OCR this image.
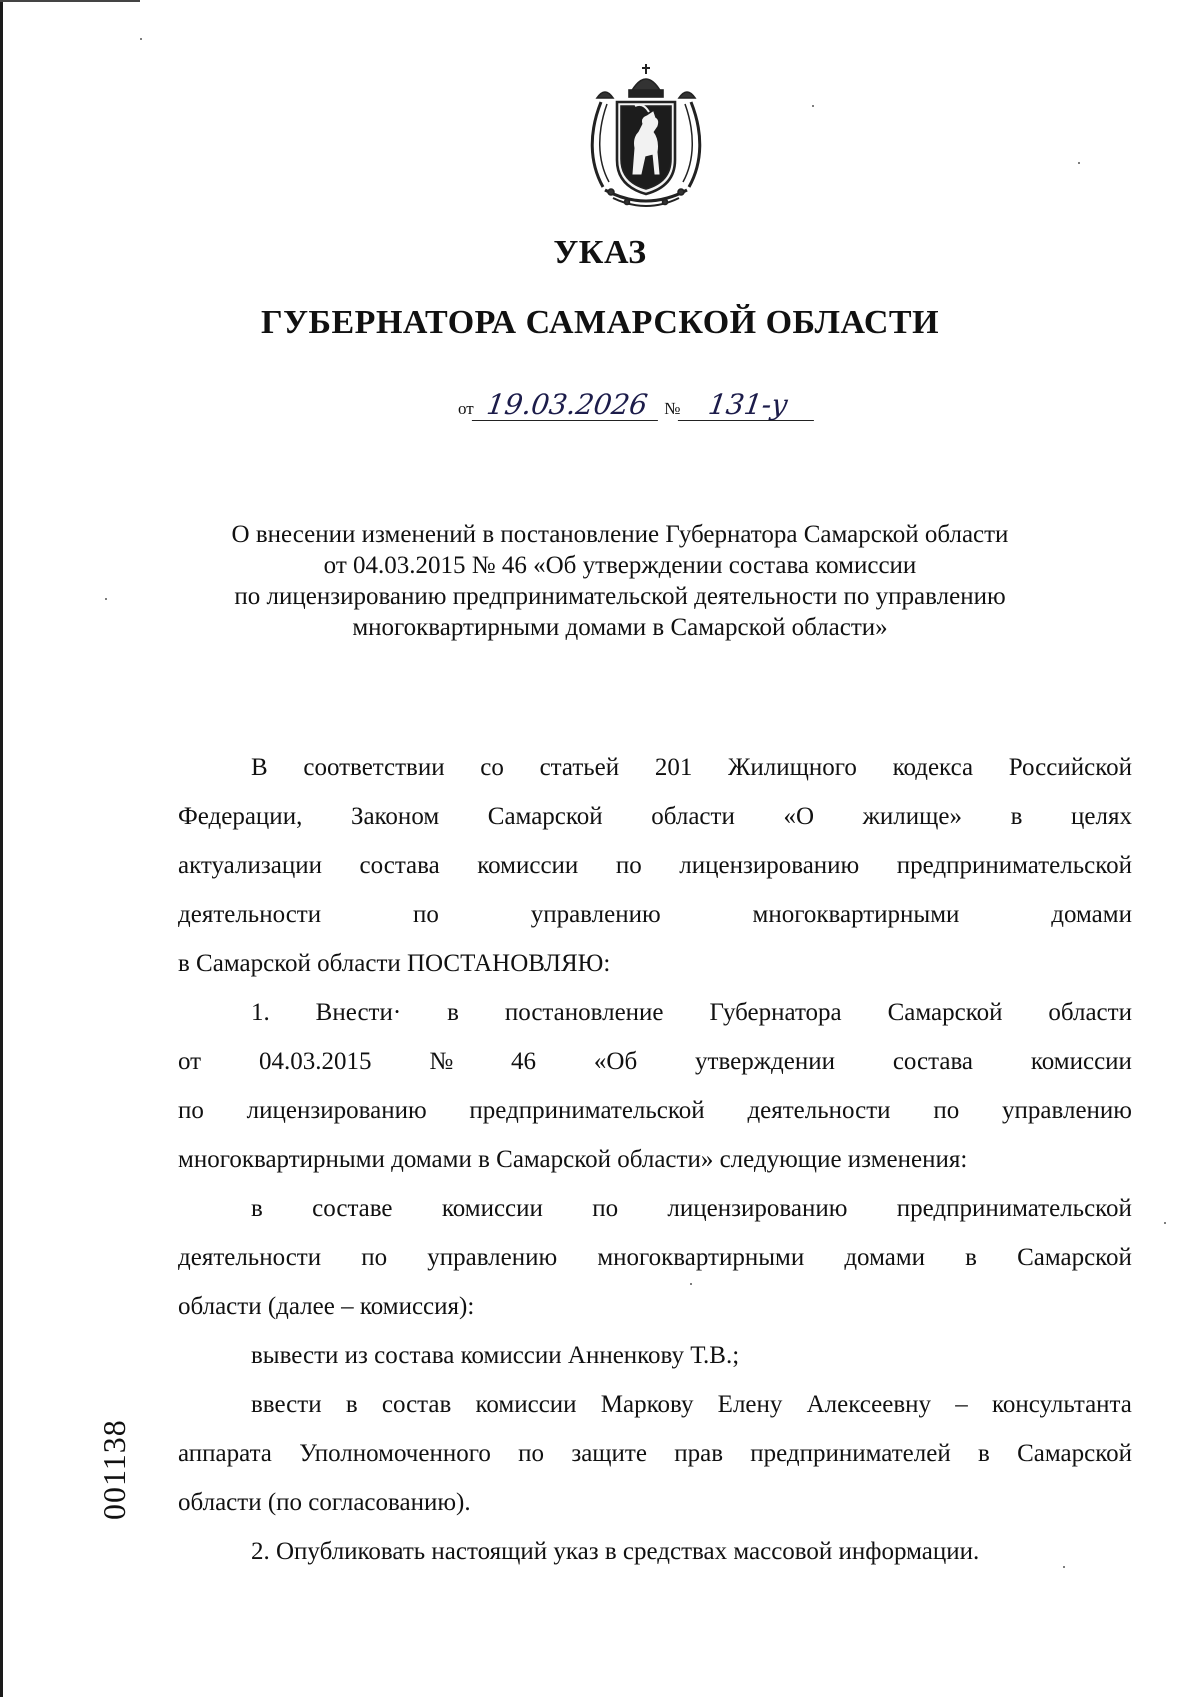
УКАЗ
ГУБЕРНАТОРА САМАРСКОЙ ОБЛАСТИ
от 19.03.2026 № 131-у
О внесении изменений в постановление Губернатора Самарской области
от 04.03.2015 № 46 «Об утверждении состава комиссии
по лицензированию предпринимательской деятельности по управлению
многоквартирными домами в Самарской области»
В соответствии со статьей 201 Жилищного кодекса Российской
Федерации, Законом Самарской области «О жилище» в целях
актуализации состава комиссии по лицензированию предпринимательской
деятельности	по	управлению	многоквартирными	домами
в Самарской области ПОСТАНОВЛЯЮ:
1. Внести· в постановление Губернатора Самарской области
от 04.03.2015 № 46 «Об утверждении состава комиссии
по лицензированию предпринимательской деятельности по управлению
многоквартирными домами в Самарской области» следующие изменения:
в составе комиссии по лицензированию предпринимательской
деятельности по управлению многоквартирными домами в Самарской
области (далее – комиссия):
вывести из состава комиссии Анненкову Т.В.;
ввести в состав комиссии Маркову Елену Алексеевну – консультанта
аппарата Уполномоченного по защите прав предпринимателей в Самарской
области (по согласованию).
2. Опубликовать настоящий указ в средствах массовой информации.
001138
